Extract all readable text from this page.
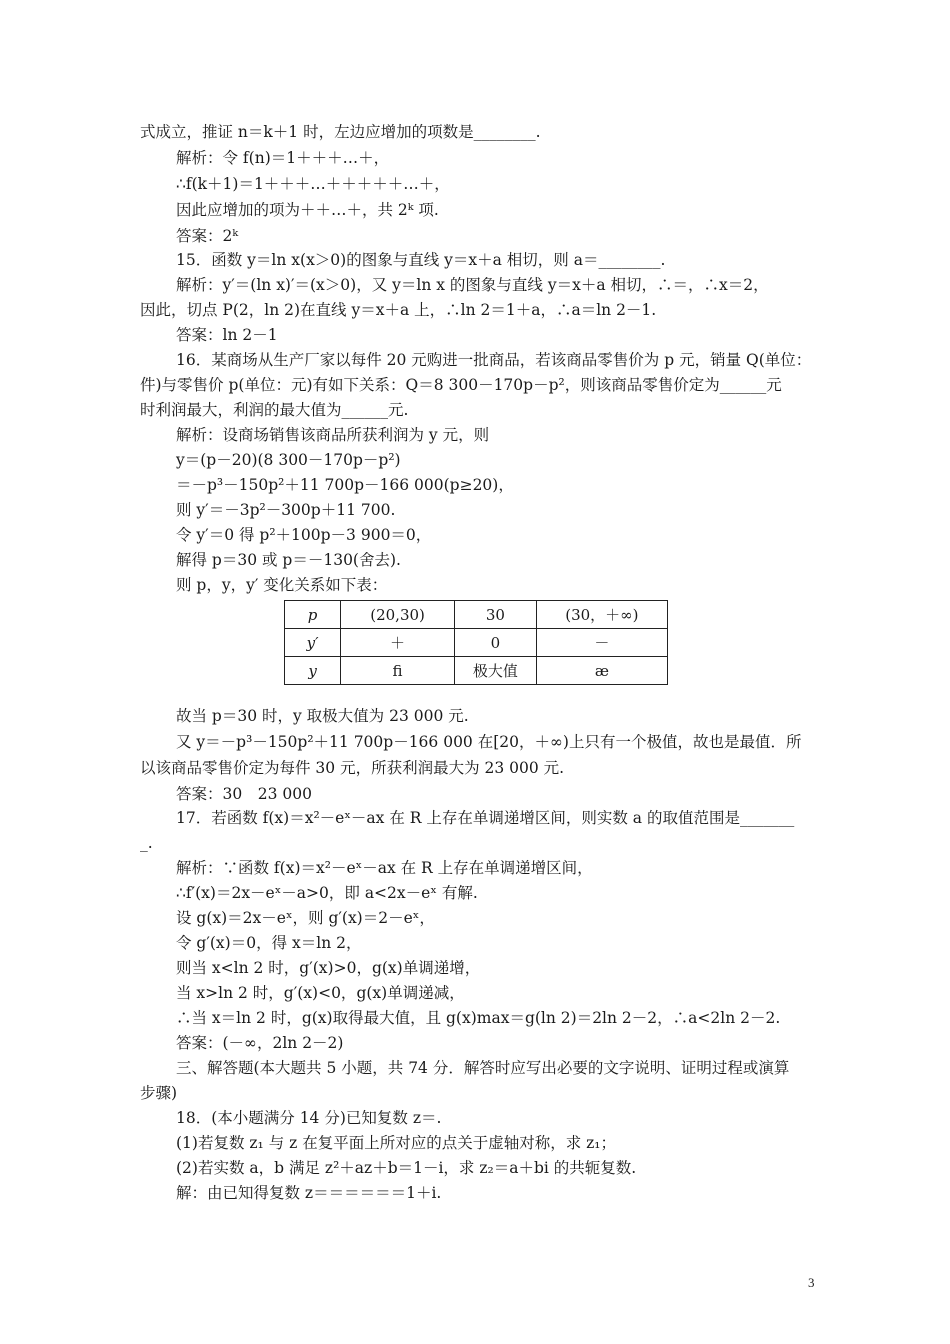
式成立，推证 n＝k＋1 时，左边应增加的项数是________.
解析：令 f(n)＝1＋＋＋…＋，
∴f(k＋1)＝1＋＋＋…＋＋＋＋＋…＋，
因此应增加的项为＋＋…＋，共 2ᵏ 项.
答案：2ᵏ
15．函数 y＝ln x(x＞0)的图象与直线 y＝x＋a 相切，则 a＝________.
解析：y′＝(ln x)′＝(x＞0)，又 y＝ln x 的图象与直线 y＝x＋a 相切，∴＝，∴x＝2，
因此，切点 P(2，ln 2)在直线 y＝x＋a 上，∴ln 2＝1＋a，∴a＝ln 2－1.
答案：ln 2－1
16．某商场从生产厂家以每件 20 元购进一批商品，若该商品零售价为 p 元，销量 Q(单位：
件)与零售价 p(单位：元)有如下关系：Q＝8 300－170p－p²，则该商品零售价定为______元
时利润最大，利润的最大值为______元.
解析：设商场销售该商品所获利润为 y 元，则
y＝(p－20)(8 300－170p－p²)
＝－p³－150p²＋11 700p－166 000(p≥20)，
则 y′＝－3p²－300p＋11 700.
令 y′＝0 得 p²＋100p－3 900＝0，
解得 p＝30 或 p＝－130(舍去).
则 p，y，y′ 变化关系如下表：
p	(20,30)	30	(30，＋∞)
y′	＋	0	－
y	ﬁ	极大值	æ
故当 p＝30 时，y 取极大值为 23 000 元.
又 y＝－p³－150p²＋11 700p－166 000 在[20，＋∞)上只有一个极值，故也是最值．所
以该商品零售价定为每件 30 元，所获利润最大为 23 000 元.
答案：30　23 000
17．若函数 f(x)＝x²－eˣ－ax 在 R 上存在单调递增区间，则实数 a 的取值范围是_______
_.
解析：∵函数 f(x)＝x²－eˣ－ax 在 R 上存在单调递增区间，
∴f′(x)＝2x－eˣ－a>0，即 a<2x－eˣ 有解.
设 g(x)＝2x－eˣ，则 g′(x)＝2－eˣ，
令 g′(x)＝0，得 x＝ln 2，
则当 x<ln 2 时，g′(x)>0，g(x)单调递增，
当 x>ln 2 时，g′(x)<0，g(x)单调递减，
∴当 x＝ln 2 时，g(x)取得最大值，且 g(x)max＝g(ln 2)＝2ln 2－2，∴a<2ln 2－2.
答案：(－∞，2ln 2－2)
三、解答题(本大题共 5 小题，共 74 分．解答时应写出必要的文字说明、证明过程或演算
步骤)
18．(本小题满分 14 分)已知复数 z＝.
(1)若复数 z₁ 与 z 在复平面上所对应的点关于虚轴对称，求 z₁；
(2)若实数 a，b 满足 z²＋az＋b＝1－i，求 z₂＝a＋bi 的共轭复数.
解：由已知得复数 z＝＝＝＝＝＝1＋i.
3
